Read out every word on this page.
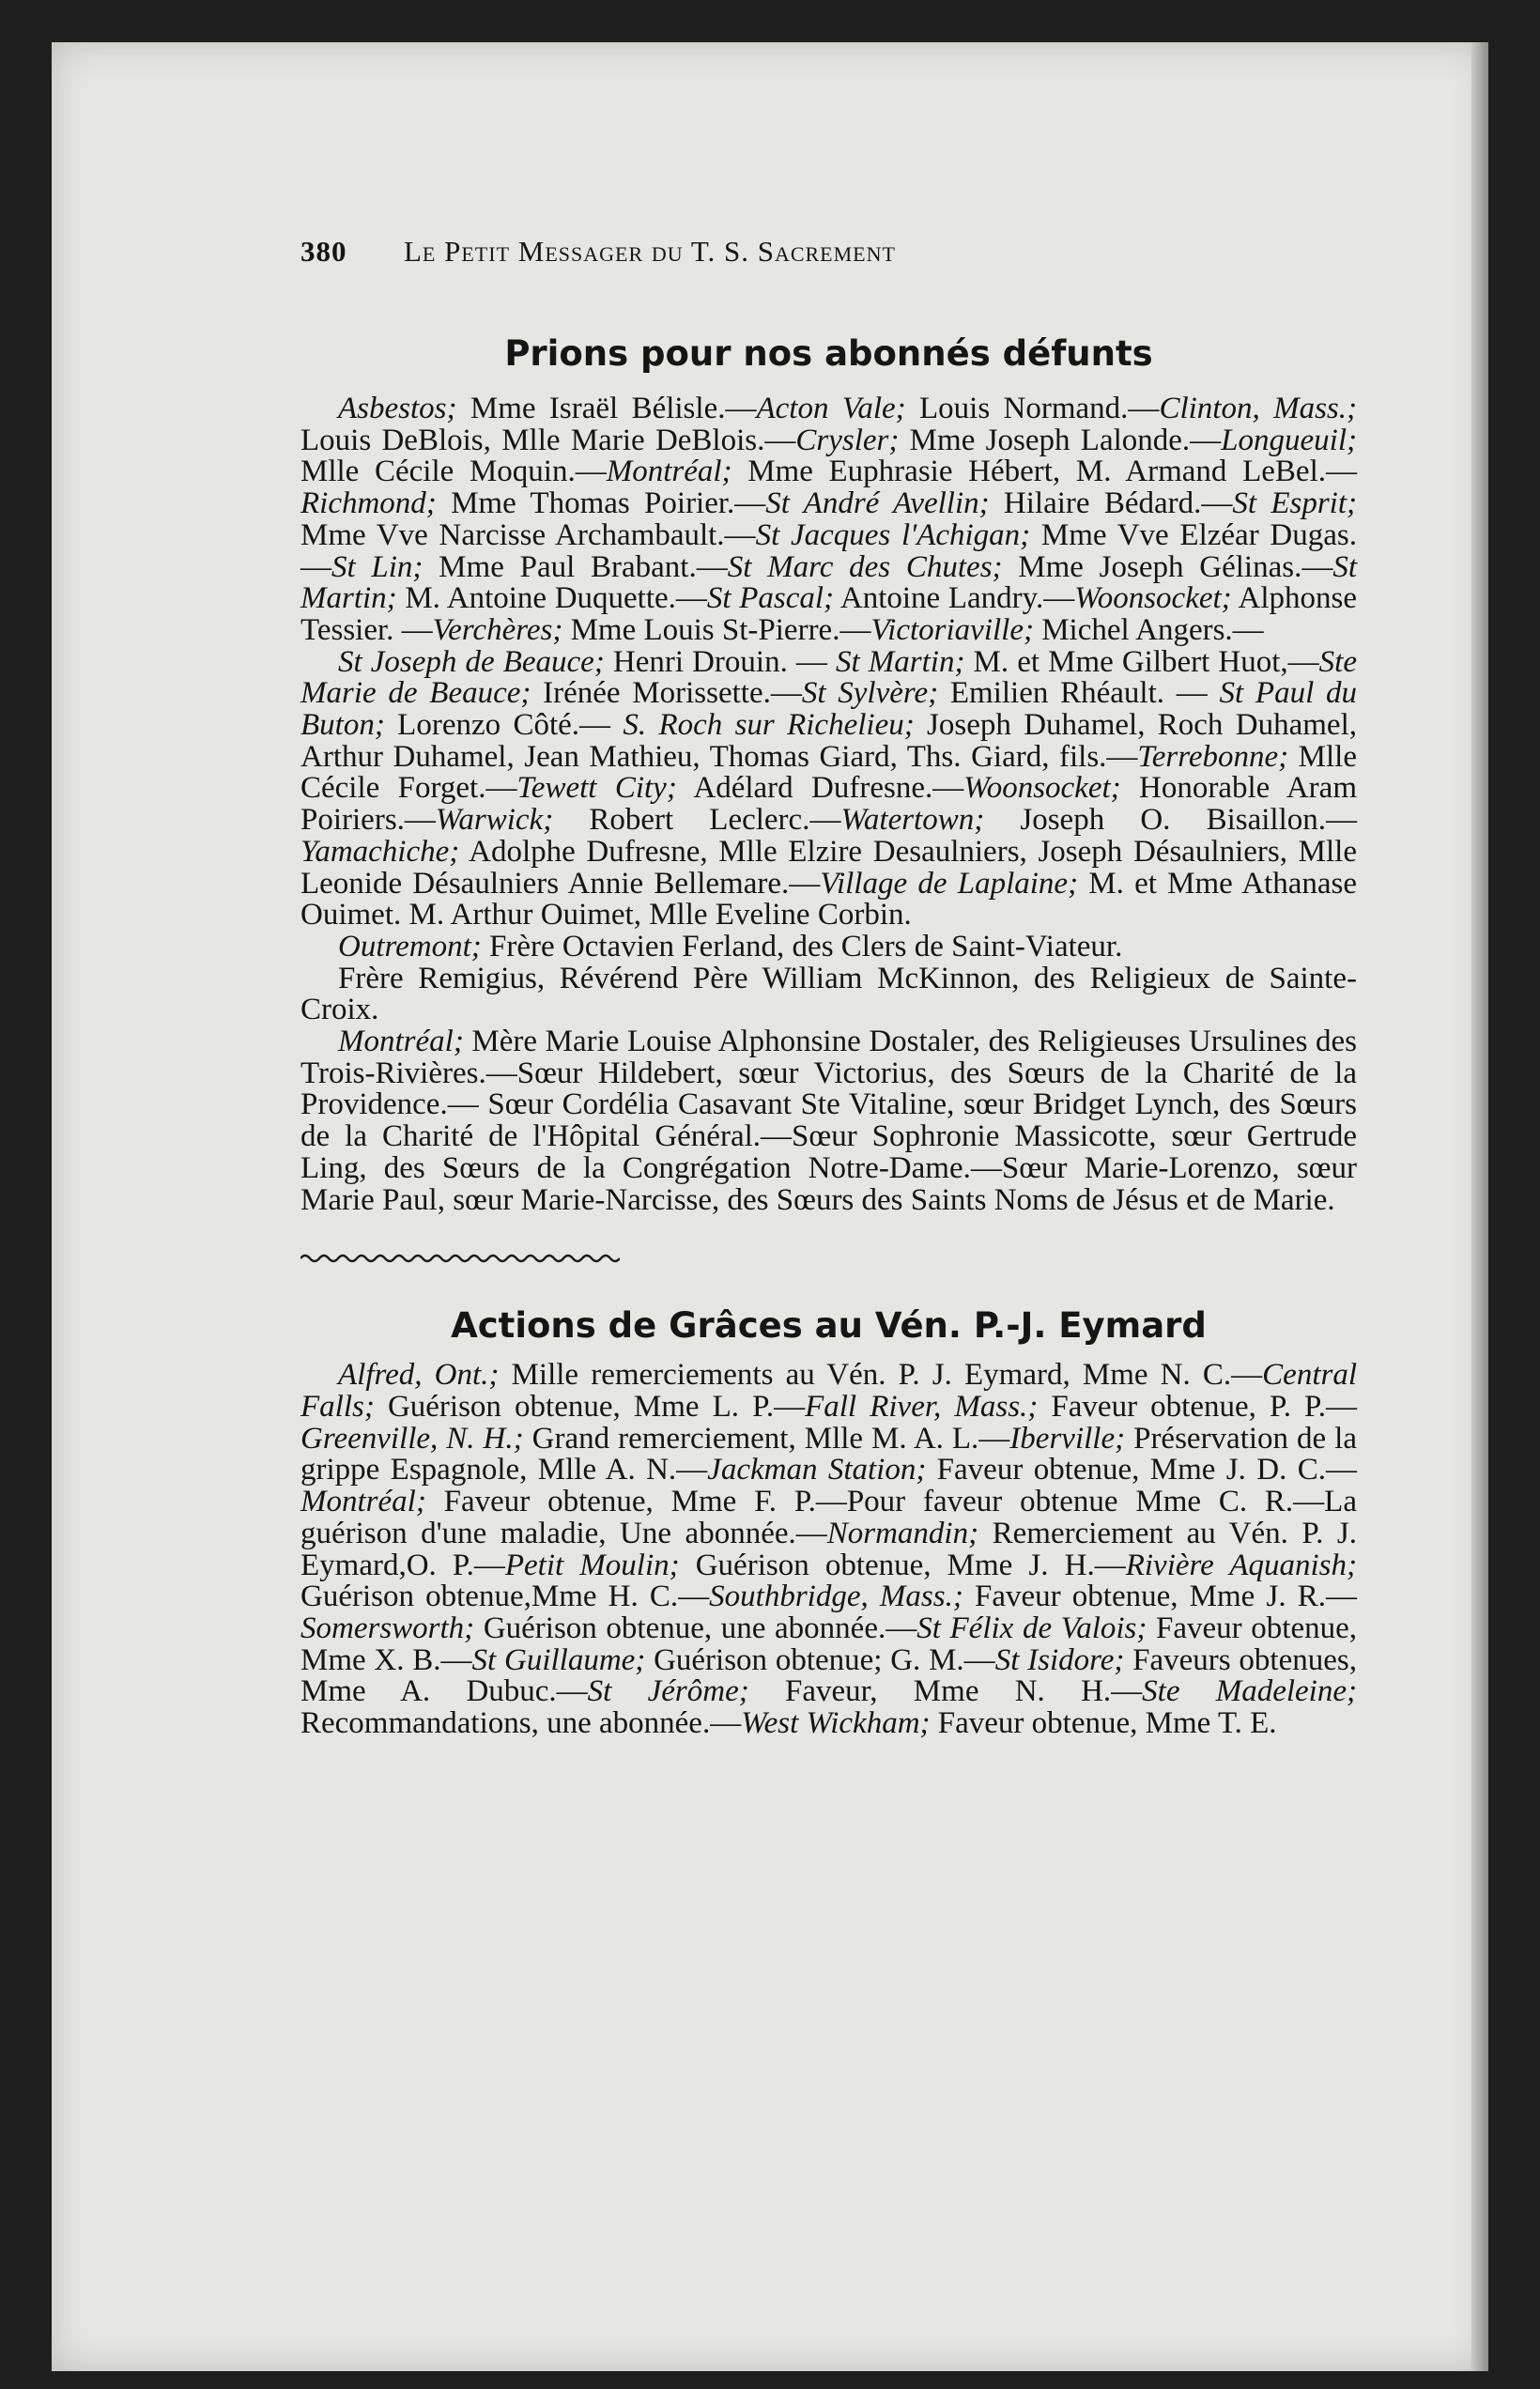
380	Le Petit Messager du T. S. Sacrement
Prions pour nos abonnés défunts

Asbestos; Mme Israël Bélisle.—Acton Vale; Louis Normand.—Clinton, Mass.; Louis DeBlois, Mlle Marie DeBlois.—Crysler; Mme Joseph Lalonde.—Longueuil; Mlle Cécile Moquin.—Montréal; Mme Euphrasie Hébert, M. Armand LeBel.—Richmond; Mme Thomas Poirier.—St André Avellin; Hilaire Bédard.—St Esprit; Mme Vve Narcisse Archambault.—St Jacques l'Achigan; Mme Vve Elzéar Dugas.—St Lin; Mme Paul Brabant.—St Marc des Chutes; Mme Joseph Gélinas.—St Martin; M. Antoine Duquette.—St Pascal; Antoine Landry.—Woonsocket; Alphonse Tessier. —Verchères; Mme Louis St-Pierre.—Victoriaville; Michel Angers.—

St Joseph de Beauce; Henri Drouin. — St Martin; M. et Mme Gilbert Huot,—Ste Marie de Beauce; Irénée Morissette.—St Sylvère; Emilien Rhéault. — St Paul du Buton; Lorenzo Côté.— S. Roch sur Richelieu; Joseph Duhamel, Roch Duhamel, Arthur Duhamel, Jean Mathieu, Thomas Giard, Ths. Giard, fils.—Terrebonne; Mlle Cécile Forget.—Tewett City; Adélard Dufresne.—Woonsocket; Honorable Aram Poiriers.—Warwick; Robert Leclerc.—Watertown; Joseph O. Bisaillon.—Yamachiche; Adolphe Dufresne, Mlle Elzire Desaulniers, Joseph Désaulniers, Mlle Leonide Désaulniers Annie Bellemare.—Village de Laplaine; M. et Mme Athanase Ouimet. M. Arthur Ouimet, Mlle Eveline Corbin.

Outremont; Frère Octavien Ferland, des Clers de Saint-Viateur.

Frère Remigius, Révérend Père William McKinnon, des Religieux de Sainte-Croix.

Montréal; Mère Marie Louise Alphonsine Dostaler, des Religieuses Ursulines des Trois-Rivières.—Sœur Hildebert, sœur Victorius, des Sœurs de la Charité de la Providence.— Sœur Cordélia Casavant Ste Vitaline, sœur Bridget Lynch, des Sœurs de la Charité de l'Hôpital Général.—Sœur Sophronie Massicotte, sœur Gertrude Ling, des Sœurs de la Congrégation Notre-Dame.—Sœur Marie-Lorenzo, sœur Marie Paul, sœur Marie-Narcisse, des Sœurs des Saints Noms de Jésus et de Marie.

Actions de Grâces au Vén. P.-J. Eymard

Alfred, Ont.; Mille remerciements au Vén. P. J. Eymard, Mme N. C.—Central Falls; Guérison obtenue, Mme L. P.—Fall River, Mass.; Faveur obtenue, P. P.—Greenville, N. H.; Grand remerciement, Mlle M. A. L.—Iberville; Préservation de la grippe Espagnole, Mlle A. N.—Jackman Station; Faveur obtenue, Mme J. D. C.—Montréal; Faveur obtenue, Mme F. P.—Pour faveur obtenue Mme C. R.—La guérison d'une maladie, Une abonnée.—Normandin; Remerciement au Vén. P. J. Eymard,O. P.—Petit Moulin; Guérison obtenue, Mme J. H.—Rivière Aquanish; Guérison obtenue,Mme H. C.—Southbridge, Mass.; Faveur obtenue, Mme J. R.—Somersworth; Guérison obtenue, une abonnée.—St Félix de Valois; Faveur obtenue, Mme X. B.—St Guillaume; Guérison obtenue; G. M.—St Isidore; Faveurs obtenues, Mme A. Dubuc.—St Jérôme; Faveur, Mme N. H.—Ste Madeleine; Recommandations, une abonnée.—West Wickham; Faveur obtenue, Mme T. E.
